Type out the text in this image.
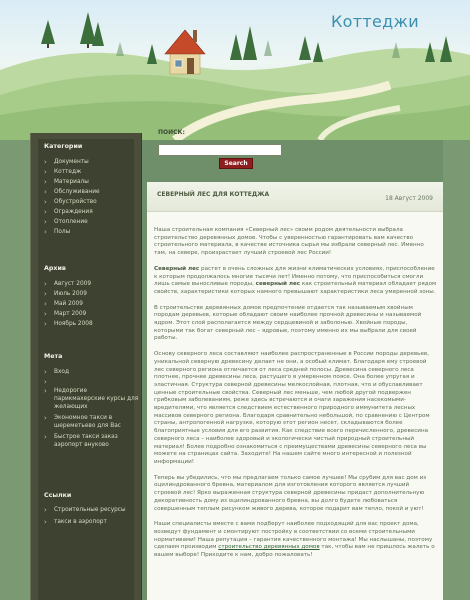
Коттеджи
Категории
› Документы
› Коттедж
› Материалы
› Обслуживание
› Обустройство
› Ограждения
› Отопление
› Полы
Архив
› Август 2009
› Июль 2009
› Май 2009
› Март 2009
› Ноябрь 2008
Мета
› Вход
›
› Недорогие парикмахерские курсы для желающих
› Экономное такси в шереметьево для Вас
› Быстрое такси заказ аэропорт внуково
Ссылки
› Строительные ресурсы
› такси в аэропорт
ПОИСК:
Search
СЕВЕРНЫЙ ЛЕС ДЛЯ КОТТЕДЖА
18 Август 2009

Наша строительная компания «Северный лес» своим родом деятельности выбрала строительство деревянных домов. Чтобы с уверенностью гарантировать вам качество строительного материала, в качестве источника сырья мы избрали северный лес. Именно там, на севере, произрастает лучший строевой лес России!

Северный лес растет в очень сложных для жизни климатических условиях, приспособление к которым продолжалось многие тысячи лет! Именно потому, что приспособиться смогли лишь самые выносливые породы, северный лес как строительный материал обладает рядом свойств, характеристики которых намного превышают характеристики леса умеренной зоны.

В строительстве деревянных домов предпочтение отдается так называемым хвойным породам деревьев, которые обладают своим наиболее прочной древесины и называемой ядром. Этот слой располагается между сердцевиной и заболонью. Хвойные породы, которыми так богат северный лес – ядровые, поэтому именно их мы выбрали для своей работы.

Основу северного леса составляют наиболее распространенные в России породы деревьев, уникальной северную древесину делает не они, а особый климат. Благодаря ему строевой лес северного региона отличается от леса средней полосы. Древесина северного леса плотнее, прочнее древесины леса, растущего в умеренном поясе. Она более упругая и эластичная. Структура северной древесины мелкослойная, плотная, что и обуславливает ценные строительные свойства. Северный лес меньше, чем любой другой подвержен грибковым заболеваниям, реже здесь встречаются и очаги заражения насекомыми-вредителями, что является следствием естественного природного иммунитета лесных массивов северного региона. Благодаря сравнительно небольшой, по сравнению с Центром страны, антропогенной нагрузке, которую этот регион несет, складываются более благоприятные условия для его развития. Как следствие всего перечисленного, древесина северного леса – наиболее здоровый и экологически чистый природный строительный материал! Более подробно ознакомиться с преимуществами древесины северного леса вы можете на страницах сайта. Заходите! На нашем сайте много интересной и полезной информации!

Теперь вы убедились, что мы предлагаем только самое лучшее! Мы срубим для вас дом из оцилиндрованного бревна, материалом для изготовления которого является лучший строевой лес! Ярко выраженная структура северной древесины придаст дополнительную декоративность дому из оцилиндрованного бревна, вы долго будете любоваться совершенным теплым рисунком живого дерева, которое подарит вам тепло, покой и уют!

Наши специалисты вместе с вами подберут наиболее подходящий для вас проект дома, возведут фундамент и смонтируют постройку в соответствии со всеми строительными нормативами! Наша репутация – гарантия качественного монтажа! Мы наслышаны, поэтому сделаем производим строительство деревянных домов так, чтобы вам не пришлось жалеть о вашем выборе! Приходите к нам, добро пожаловать!
